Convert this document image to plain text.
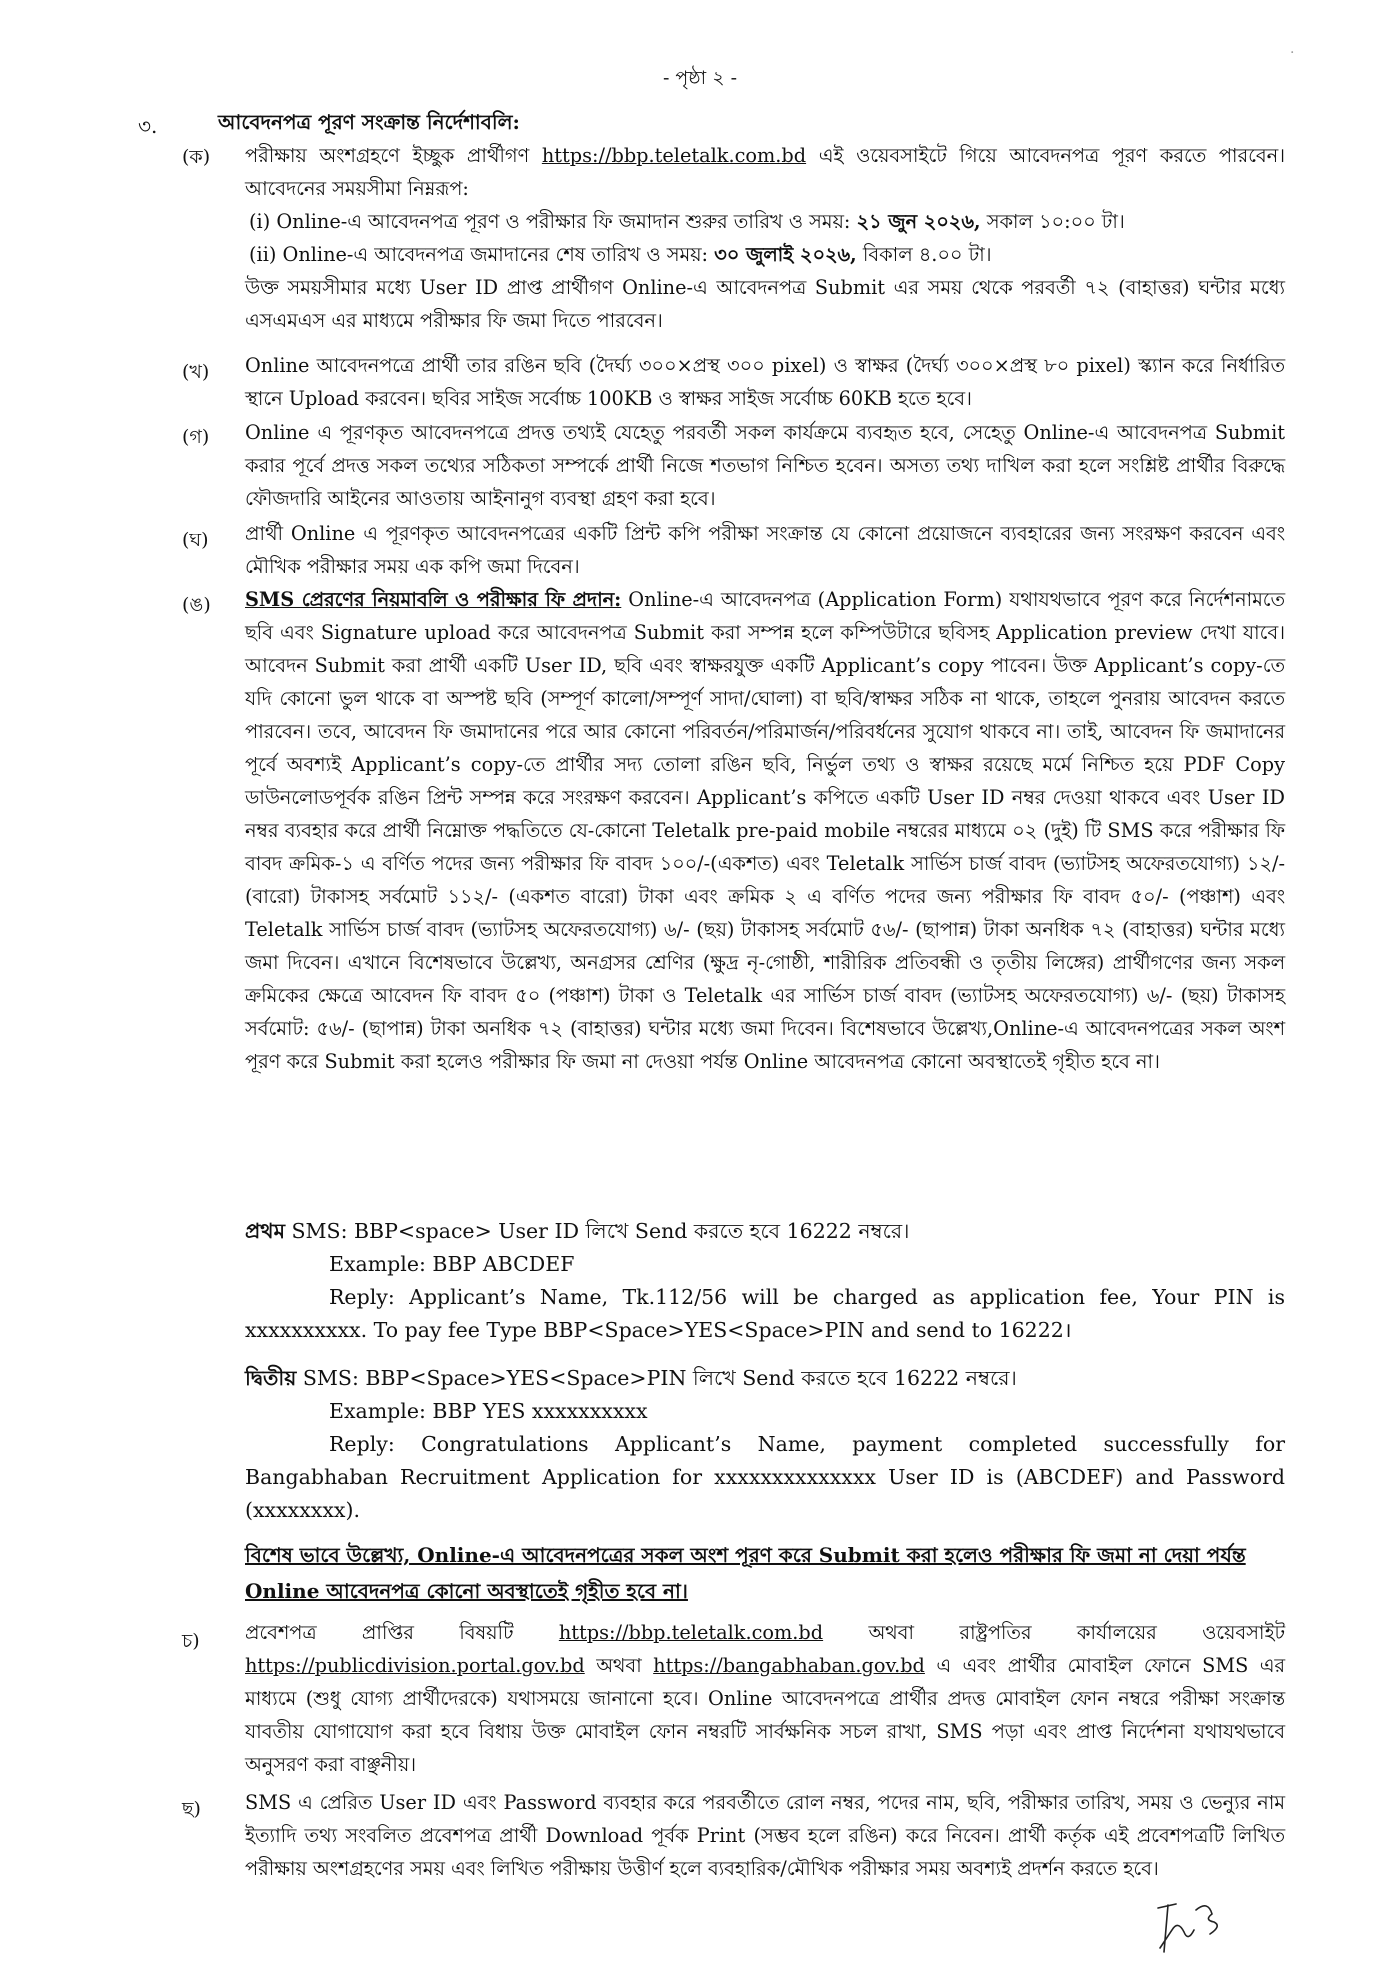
- পৃষ্ঠা ২ -
·
৩.	আবেদনপত্র পূরণ সংক্রান্ত নির্দেশাবলি:
(ক) পরীক্ষায় অংশগ্রহণে ইচ্ছুক প্রার্থীগণ https://bbp.teletalk.com.bd এই ওয়েবসাইটে গিয়ে আবেদনপত্র পূরণ করতে পারবেন। আবেদনের সময়সীমা নিম্নরূপ:
(i) Online-এ আবেদনপত্র পূরণ ও পরীক্ষার ফি জমাদান শুরুর তারিখ ও সময়: ২১ জুন ২০২৬, সকাল ১০:০০ টা।
(ii) Online-এ আবেদনপত্র জমাদানের শেষ তারিখ ও সময়: ৩০ জুলাই ২০২৬, বিকাল ৪.০০ টা।
উক্ত সময়সীমার মধ্যে User ID প্রাপ্ত প্রার্থীগণ Online-এ আবেদনপত্র Submit এর সময় থেকে পরবর্তী ৭২ (বাহাত্তর) ঘন্টার মধ্যে এসএমএস এর মাধ্যমে পরীক্ষার ফি জমা দিতে পারবেন।
(খ) Online আবেদনপত্রে প্রার্থী তার রঙিন ছবি (দৈর্ঘ্য ৩০০×প্রস্থ ৩০০ pixel) ও স্বাক্ষর (দৈর্ঘ্য ৩০০×প্রস্থ ৮০ pixel) স্ক্যান করে নির্ধারিত স্থানে Upload করবেন। ছবির সাইজ সর্বোচ্চ 100KB ও স্বাক্ষর সাইজ সর্বোচ্চ 60KB হতে হবে।
(গ) Online এ পূরণকৃত আবেদনপত্রে প্রদত্ত তথ্যই যেহেতু পরবর্তী সকল কার্যক্রমে ব্যবহৃত হবে, সেহেতু Online-এ আবেদনপত্র Submit করার পূর্বে প্রদত্ত সকল তথ্যের সঠিকতা সম্পর্কে প্রার্থী নিজে শতভাগ নিশ্চিত হবেন। অসত্য তথ্য দাখিল করা হলে সংশ্লিষ্ট প্রার্থীর বিরুদ্ধে ফৌজদারি আইনের আওতায় আইনানুগ ব্যবস্থা গ্রহণ করা হবে।
(ঘ) প্রার্থী Online এ পূরণকৃত আবেদনপত্রের একটি প্রিন্ট কপি পরীক্ষা সংক্রান্ত যে কোনো প্রয়োজনে ব্যবহারের জন্য সংরক্ষণ করবেন এবং মৌখিক পরীক্ষার সময় এক কপি জমা দিবেন।
(ঙ) SMS প্রেরণের নিয়মাবলি ও পরীক্ষার ফি প্রদান: Online-এ আবেদনপত্র (Application Form) যথাযথভাবে পূরণ করে নির্দেশনামতে ছবি এবং Signature upload করে আবেদনপত্র Submit করা সম্পন্ন হলে কম্পিউটারে ছবিসহ Application preview দেখা যাবে। আবেদন Submit করা প্রার্থী একটি User ID, ছবি এবং স্বাক্ষরযুক্ত একটি Applicant’s copy পাবেন। উক্ত Applicant’s copy-তে যদি কোনো ভুল থাকে বা অস্পষ্ট ছবি (সম্পূর্ণ কালো/সম্পূর্ণ সাদা/ঘোলা) বা ছবি/স্বাক্ষর সঠিক না থাকে, তাহলে পুনরায় আবেদন করতে পারবেন। তবে, আবেদন ফি জমাদানের পরে আর কোনো পরিবর্তন/পরিমার্জন/পরিবর্ধনের সুযোগ থাকবে না। তাই, আবেদন ফি জমাদানের পূর্বে অবশ্যই Applicant’s copy-তে প্রার্থীর সদ্য তোলা রঙিন ছবি, নির্ভুল তথ্য ও স্বাক্ষর রয়েছে মর্মে নিশ্চিত হয়ে PDF Copy ডাউনলোডপূর্বক রঙিন প্রিন্ট সম্পন্ন করে সংরক্ষণ করবেন। Applicant’s কপিতে একটি User ID নম্বর দেওয়া থাকবে এবং User ID নম্বর ব্যবহার করে প্রার্থী নিম্নোক্ত পদ্ধতিতে যে-কোনো Teletalk pre-paid mobile নম্বরের মাধ্যমে ০২ (দুই) টি SMS করে পরীক্ষার ফি বাবদ ক্রমিক-১ এ বর্ণিত পদের জন্য পরীক্ষার ফি বাবদ ১০০/-(একশত) এবং Teletalk সার্ভিস চার্জ বাবদ (ভ্যাটসহ অফেরতযোগ্য) ১২/- (বারো) টাকাসহ সর্বমোট ১১২/- (একশত বারো) টাকা এবং ক্রমিক ২ এ বর্ণিত পদের জন্য পরীক্ষার ফি বাবদ ৫০/- (পঞ্চাশ) এবং Teletalk সার্ভিস চার্জ বাবদ (ভ্যাটসহ অফেরতযোগ্য) ৬/- (ছয়) টাকাসহ সর্বমোট ৫৬/- (ছাপান্ন) টাকা অনধিক ৭২ (বাহাত্তর) ঘন্টার মধ্যে জমা দিবেন। এখানে বিশেষভাবে উল্লেখ্য, অনগ্রসর শ্রেণির (ক্ষুদ্র নৃ-গোষ্ঠী, শারীরিক প্রতিবন্ধী ও তৃতীয় লিঙ্গের) প্রার্থীগণের জন্য সকল ক্রমিকের ক্ষেত্রে আবেদন ফি বাবদ ৫০ (পঞ্চাশ) টাকা ও Teletalk এর সার্ভিস চার্জ বাবদ (ভ্যাটসহ অফেরতযোগ্য) ৬/- (ছয়) টাকাসহ সর্বমোট: ৫৬/- (ছাপান্ন) টাকা অনধিক ৭২ (বাহাত্তর) ঘন্টার মধ্যে জমা দিবেন। বিশেষভাবে উল্লেখ্য,Online-এ আবেদনপত্রের সকল অংশ পূরণ করে Submit করা হলেও পরীক্ষার ফি জমা না দেওয়া পর্যন্ত Online আবেদনপত্র কোনো অবস্থাতেই গৃহীত হবে না।
প্রথম SMS: BBP<space> User ID লিখে Send করতে হবে 16222 নম্বরে।
Example: BBP ABCDEF
Reply: Applicant’s Name, Tk.112/56 will be charged as application fee, Your PIN is xxxxxxxxxx. To pay fee Type BBP<Space>YES<Space>PIN and send to 16222।
দ্বিতীয় SMS: BBP<Space>YES<Space>PIN লিখে Send করতে হবে 16222 নম্বরে।
Example: BBP YES xxxxxxxxxx
Reply: Congratulations Applicant’s Name, payment completed successfully for Bangabhaban Recruitment Application for xxxxxxxxxxxxxx User ID is (ABCDEF) and Password (xxxxxxxx).
বিশেষ ভাবে উল্লেখ্য, Online-এ আবেদনপত্রের সকল অংশ পূরণ করে Submit করা হলেও পরীক্ষার ফি জমা না দেয়া পর্যন্ত Online আবেদনপত্র কোনো অবস্থাতেই গৃহীত হবে না।
চ) প্রবেশপত্র প্রাপ্তির বিষয়টি https://bbp.teletalk.com.bd অথবা রাষ্ট্রপতির কার্যালয়ের ওয়েবসাইট https://publicdivision.portal.gov.bd অথবা https://bangabhaban.gov.bd এ এবং প্রার্থীর মোবাইল ফোনে SMS এর মাধ্যমে (শুধু যোগ্য প্রার্থীদেরকে) যথাসময়ে জানানো হবে। Online আবেদনপত্রে প্রার্থীর প্রদত্ত মোবাইল ফোন নম্বরে পরীক্ষা সংক্রান্ত যাবতীয় যোগাযোগ করা হবে বিধায় উক্ত মোবাইল ফোন নম্বরটি সার্বক্ষনিক সচল রাখা, SMS পড়া এবং প্রাপ্ত নির্দেশনা যথাযথভাবে অনুসরণ করা বাঞ্ছনীয়।
ছ) SMS এ প্রেরিত User ID এবং Password ব্যবহার করে পরবর্তীতে রোল নম্বর, পদের নাম, ছবি, পরীক্ষার তারিখ, সময় ও ভেন্যুর নাম ইত্যাদি তথ্য সংবলিত প্রবেশপত্র প্রার্থী Download পূর্বক Print (সম্ভব হলে রঙিন) করে নিবেন। প্রার্থী কর্তৃক এই প্রবেশপত্রটি লিখিত পরীক্ষায় অংশগ্রহণের সময় এবং লিখিত পরীক্ষায় উত্তীর্ণ হলে ব্যবহারিক/মৌখিক পরীক্ষার সময় অবশ্যই প্রদর্শন করতে হবে।
